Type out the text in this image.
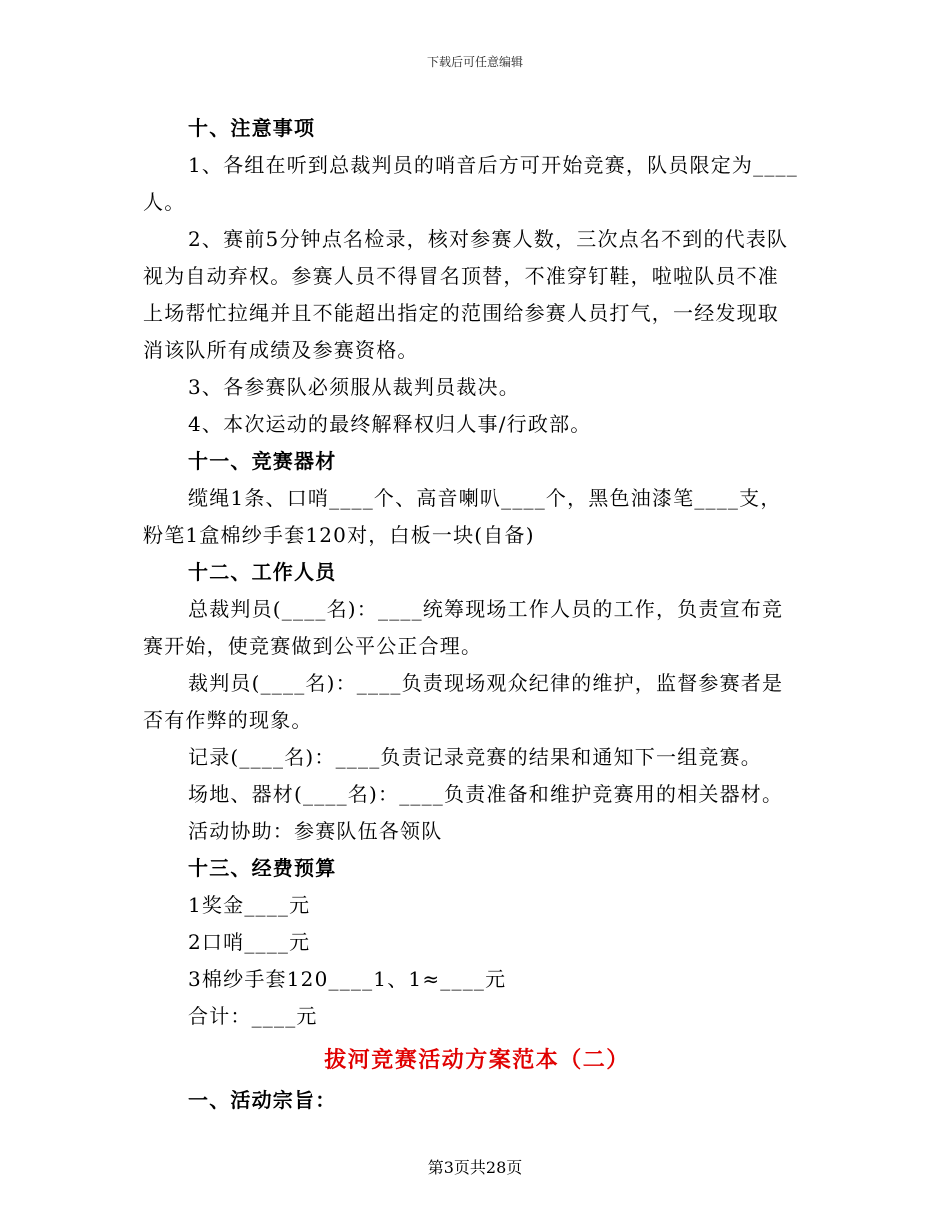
下载后可任意编辑
十、注意事项
1、各组在听到总裁判员的哨音后方可开始竞赛，队员限定为____
人。
2、赛前5分钟点名检录，核对参赛人数，三次点名不到的代表队
视为自动弃权。参赛人员不得冒名顶替，不准穿钉鞋，啦啦队员不准
上场帮忙拉绳并且不能超出指定的范围给参赛人员打气，一经发现取
消该队所有成绩及参赛资格。
3、各参赛队必须服从裁判员裁决。
4、本次运动的最终解释权归人事/行政部。
十一、竞赛器材
缆绳1条、口哨____个、高音喇叭____个，黑色油漆笔____支，
粉笔1盒棉纱手套120对，白板一块(自备)
十二、工作人员
总裁判员(____名)：____统筹现场工作人员的工作，负责宣布竞
赛开始，使竞赛做到公平公正合理。
裁判员(____名)：____负责现场观众纪律的维护，监督参赛者是
否有作弊的现象。
记录(____名)：____负责记录竞赛的结果和通知下一组竞赛。
场地、器材(____名)：____负责准备和维护竞赛用的相关器材。
活动协助：参赛队伍各领队
十三、经费预算
1奖金____元
2口哨____元
3棉纱手套120____1、1≈____元
合计：____元
拔河竞赛活动方案范本（二）
一、活动宗旨：
第3页共28页
